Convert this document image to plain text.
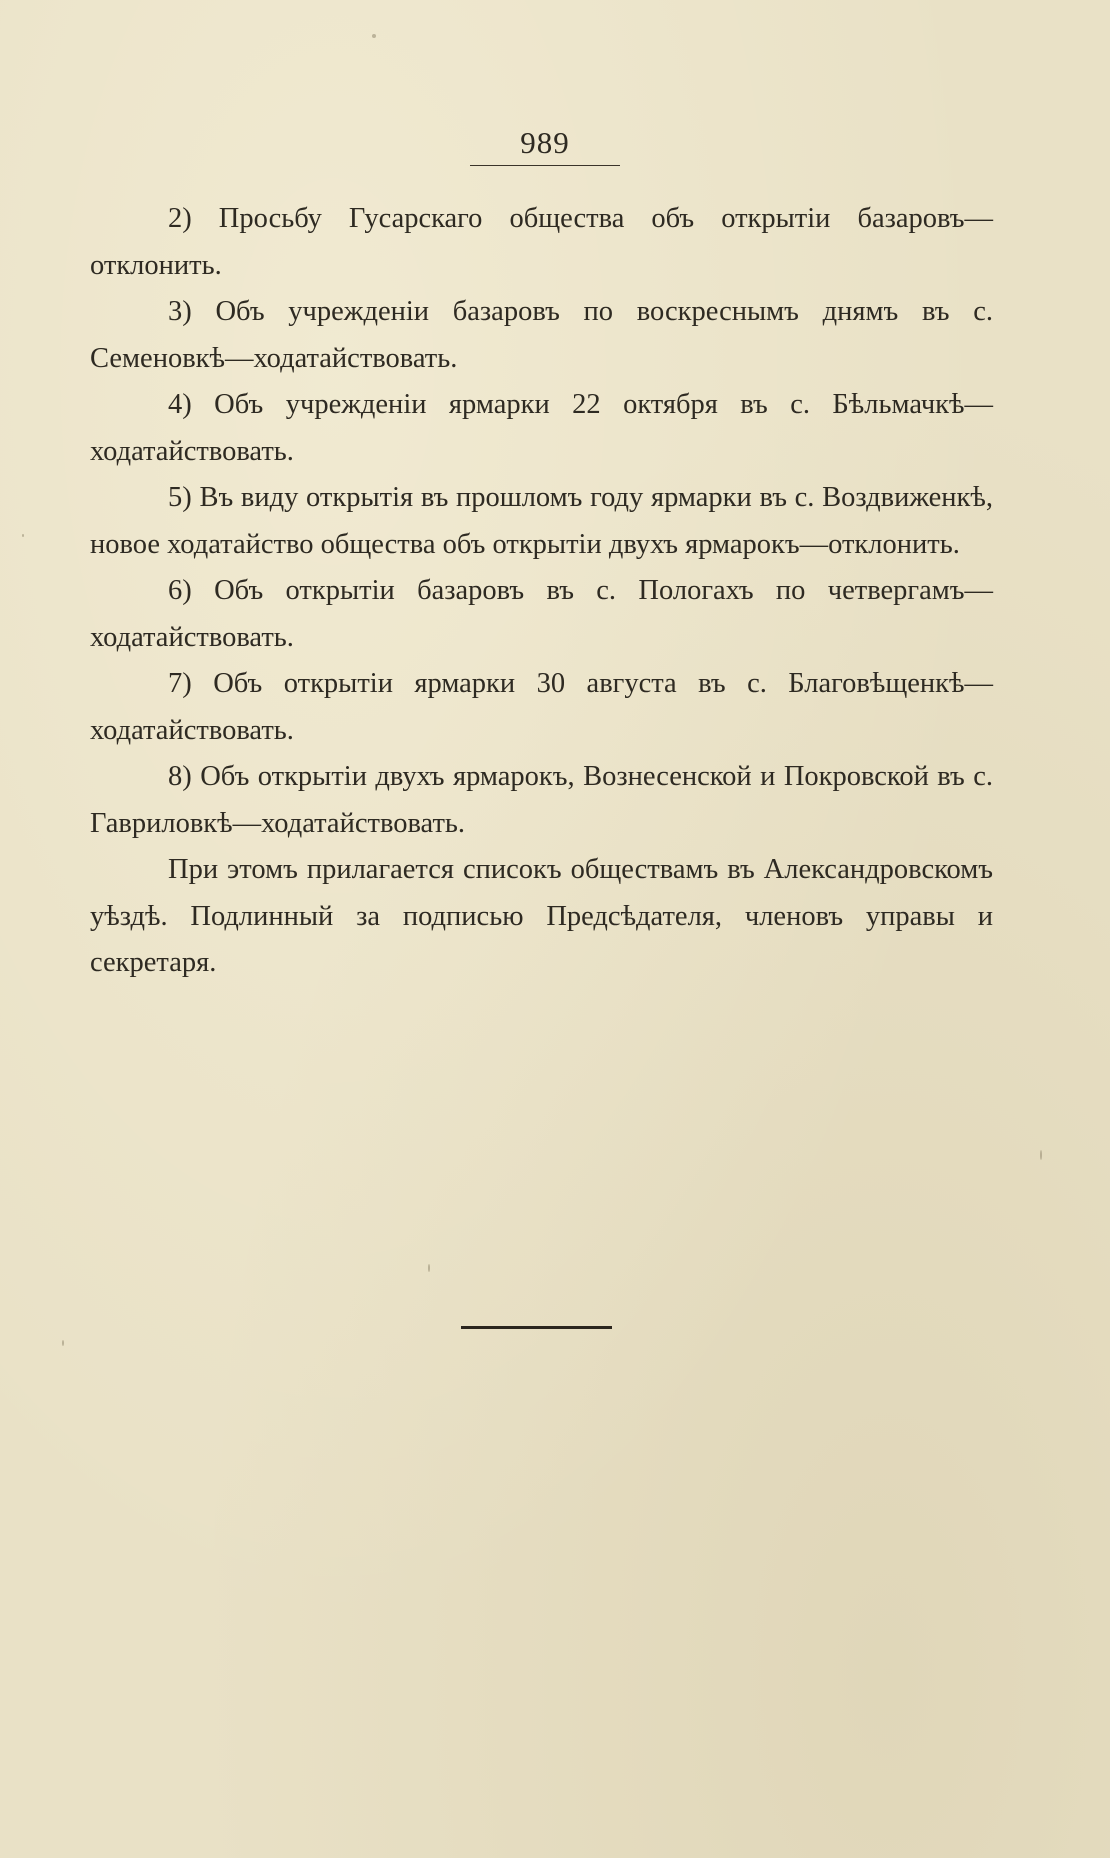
989

2) Просьбу Гусарскаго общества объ открытіи базаровъ—отклонить.

3) Объ учрежденіи базаровъ по воскреснымъ днямъ въ с. Семеновкѣ—ходатайствовать.

4) Объ учрежденіи ярмарки 22 октября въ с. Бѣльмачкѣ—ходатайствовать.

5) Въ виду открытія въ прошломъ году ярмарки въ с. Воздвиженкѣ, новое ходатайство общества объ открытіи двухъ ярмарокъ—отклонить.

6) Объ открытіи базаровъ въ с. Пологахъ по четвергамъ—ходатайствовать.

7) Объ открытіи ярмарки 30 августа въ с. Благовѣщенкѣ—ходатайствовать.

8) Объ открытіи двухъ ярмарокъ, Вознесенской и Покровской въ с. Гавриловкѣ—ходатайствовать.

При этомъ прилагается списокъ обществамъ въ Александровскомъ уѣздѣ. Подлинный за подписью Предсѣдателя, членовъ управы и секретаря.
